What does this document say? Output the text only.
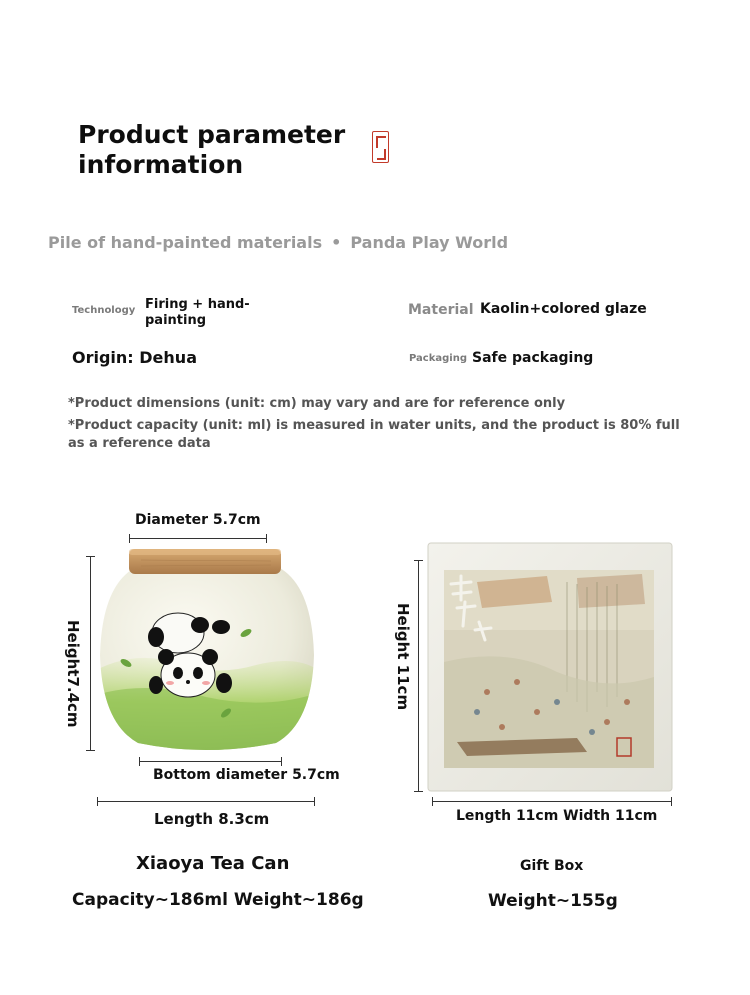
Product parameter information
Pile of hand-painted materials • Panda Play World
Technology Firing + hand-painting
Material Kaolin+colored glaze
Origin: Dehua	Packaging Safe packaging
*Product dimensions (unit: cm) may vary and are for reference only
*Product capacity (unit: ml) is measured in water units, and the product is 80% full as a reference data
Diameter 5.7cm
Height7.4cm
Bottom diameter 5.7cm
Length 8.3cm
Xiaoya Tea Can
Capacity~186ml Weight~186g
Height 11cm
Length 11cm Width 11cm
Gift Box
Weight~155g
